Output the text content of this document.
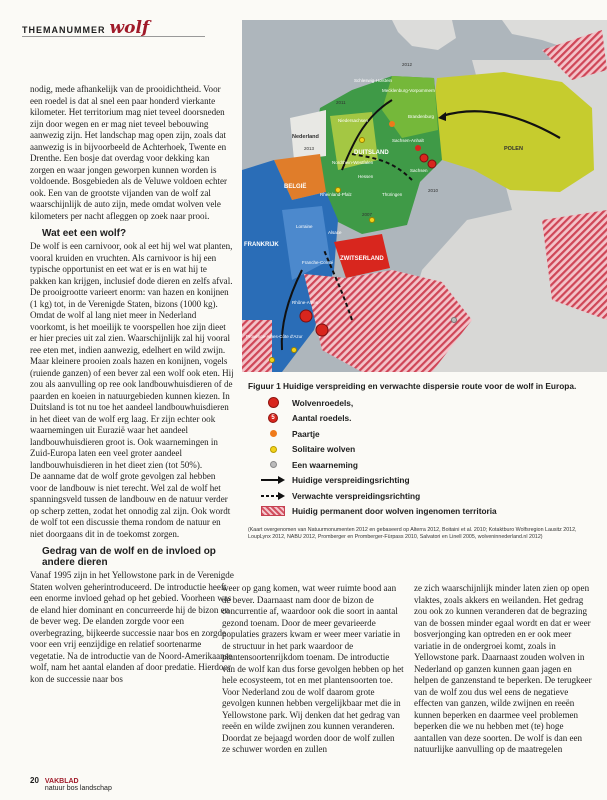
THEMANUMMER wolf

nodig, mede afhankelijk van de prooidichtheid. Voor een roedel is dat al snel een paar honderd vierkante kilometer. Het territorium mag niet teveel doorsneden zijn door wegen en er mag niet teveel bebouwing aanwezig zijn. Het landschap mag open zijn, zoals dat aanwezig is in bijvoorbeeld de Achterhoek, Twente en Drenthe. Een bosje dat overdag voor dekking kan zorgen en waar jongen geworpen kunnen worden is voldoende. Bosgebieden als de Veluwe voldoen echter ook. Een van de grootste vijanden van de wolf zal waarschijnlijk de auto zijn, mede omdat wolven vele kilometers per nacht afleggen op zoek naar prooi.

Wat eet een wolf?

De wolf is een carnivoor, ook al eet hij wel wat planten, vooral kruiden en vruchten. Als carnivoor is hij een typische opportunist en eet wat er is en wat hij te pakken kan krijgen, inclusief dode dieren en zelfs afval. De prooigrootte varieert enorm: van hazen en konijnen (1 kg) tot, in de Verenigde Staten, bizons (1000 kg). Omdat de wolf al lang niet meer in Nederland voorkomt, is het moeilijk te voorspellen hoe zijn dieet er hier precies uit zal zien. Waarschijnlijk zal hij vooral ree eten met, indien aanwezig, edelhert en wild zwijn. Maar kleinere prooien zoals hazen en konijnen, vogels (ruiende ganzen) of een bever zal een wolf ook eten. Hij zou als aanvulling op ree ook landbouwhuisdieren of de paarden en koeien in natuurgebieden kunnen kiezen. In Duitsland is tot nu toe het aandeel landbouwhuisdieren in het dieet van de wolf erg laag. Er zijn echter ook waarnemingen uit Eurazië waar het aandeel landbouwhuisdieren groot is. Ook waarnemingen in Zuid-Europa laten een veel groter aandeel landbouwhuisdieren in het dieet zien (tot 50%).

De aanname dat de wolf grote gevolgen zal hebben voor de landbouw is niet terecht. Wel zal de wolf het spanningsveld tussen de landbouw en de natuur verder op scherp zetten, zodat het onnodig zal zijn. Ook wordt de wolf tot een discussie thema rondom de natuur en niet doorgaans dit in de toekomst zorgen.

Gedrag van de wolf en de invloed op andere dieren

Vanaf 1995 zijn in het Yellowstone park in de Verenigde Staten wolven geherintroduceerd. De introductie heeft een enorme invloed gehad op het gebied. Voorheen was de eland hier dominant en concurreerde hij de bizon en de bever weg. De elanden zorgde voor een overbegrazing, bijkeerde successie naar bos en zorgde voor een vrij eenzijdige en relatief soortenarme vegetatie. Na de introductie van de Noord-Amerikaanse wolf, nam het aantal elanden af door predatie. Hierdoor kon de successie naar bos

POLEN
DUITSLAND
BELGIË
ZWITSERLAND
FRANKRIJK
Nederland
Niedersachsen
Nordrhein-Westfalen
Hessen
Sachsen
Sachsen-Anhalt
Brandenburg
Mecklenburg-Vorpommern
Schleswig-Holstein
Rheinland-Pfalz	Thüringen
Lorraine
Alsace
Franche-Comté
Rhône-Alpes
Provence-Alpes-Côte d'Azur
2012
2011
2013
2010
2007
Figuur 1 Huidige verspreiding en verwachte dispersie route voor de wolf in Europa.
Wolvenroedels,
5	Aantal roedels.
Paartje
Solitaire wolven
Een waarneming
Huidige verspreidingsrichting
Verwachte verspreidingsrichting
Huidig permanent door wolven ingenomen territoria
(Kaart overgenomen van Natuurmonumenten 2012 en gebaseerd op Alterra 2012, Boitaini et al. 2010; Kotaktburo Wolfsregion Lausitz 2012, LoupLynx 2012, NABU 2012, Promberger en Promberger-Fürpass 2010, Salvatori en Linell 2005, wolveninnederland.nl 2012)

weer op gang komen, wat weer ruimte bood aan de bever. Daarnaast nam door de bizon de concurrentie af, waardoor ook die soort in aantal gezond toenam. Door de meer gevarieerde populaties grazers kwam er weer meer variatie in de structuur in het park waardoor de plantensoortenrijkdom toenam. De introductie van de wolf kan dus forse gevolgen hebben op het hele ecosysteem, tot en met plantensoorten toe. Voor Nederland zou de wolf daarom grote gevolgen kunnen hebben vergelijkbaar met die in Yellowstone park. Wij denken dat het gedrag van reeën en wilde zwijnen zou kunnen veranderen. Doordat ze bejaagd worden door de wolf zullen ze schuwer worden en zullen

ze zich waarschijnlijk minder laten zien op open vlaktes, zoals akkers en weilanden. Het gedrag zou ook zo kunnen veranderen dat de begrazing van de bossen minder egaal wordt en dat er weer bosverjonging kan optreden en er ook meer variatie in de ondergroei komt, zoals in Yellowstone park. Daarnaast zouden wolven in Nederland op ganzen kunnen gaan jagen en helpen de ganzenstand te beperken. De terugkeer van de wolf zou dus wel eens de negatieve effecten van ganzen, wilde zwijnen en reeën kunnen beperken en daarmee veel problemen beperken die we nu hebben met (te) hoge aantallen van deze soorten. De wolf is dan een natuurlijke aanvulling op de maatregelen

20 VAKBLAD
natuur bos landschap
